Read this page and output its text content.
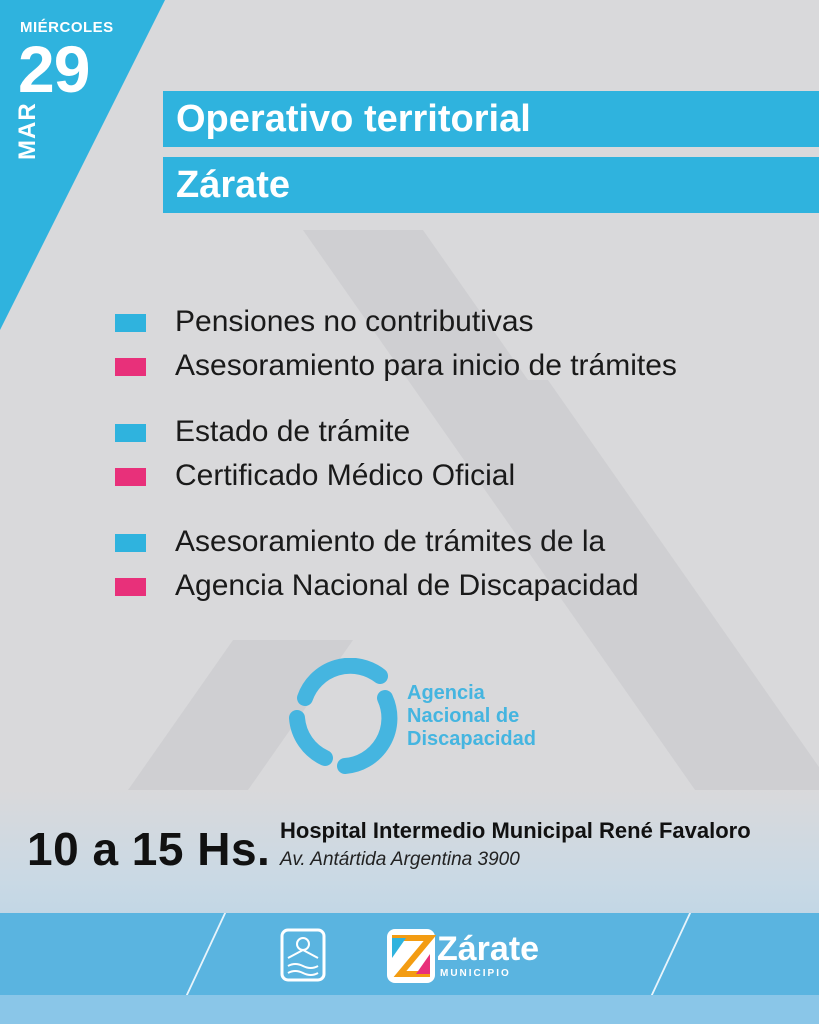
MIÉRCOLES
29
MAR	Operativo territorial
Zárate
Pensiones no contributivas
Asesoramiento para inicio de trámites
Estado de trámite
Certificado Médico Oficial
Asesoramiento de trámites de la
Agencia Nacional de Discapacidad
Agencia
Nacional de
Discapacidad
10 a 15 Hs. Hospital Intermedio Municipal René Favaloro
Av. Antártida Argentina 3900
Zárate
MUNICIPIO
